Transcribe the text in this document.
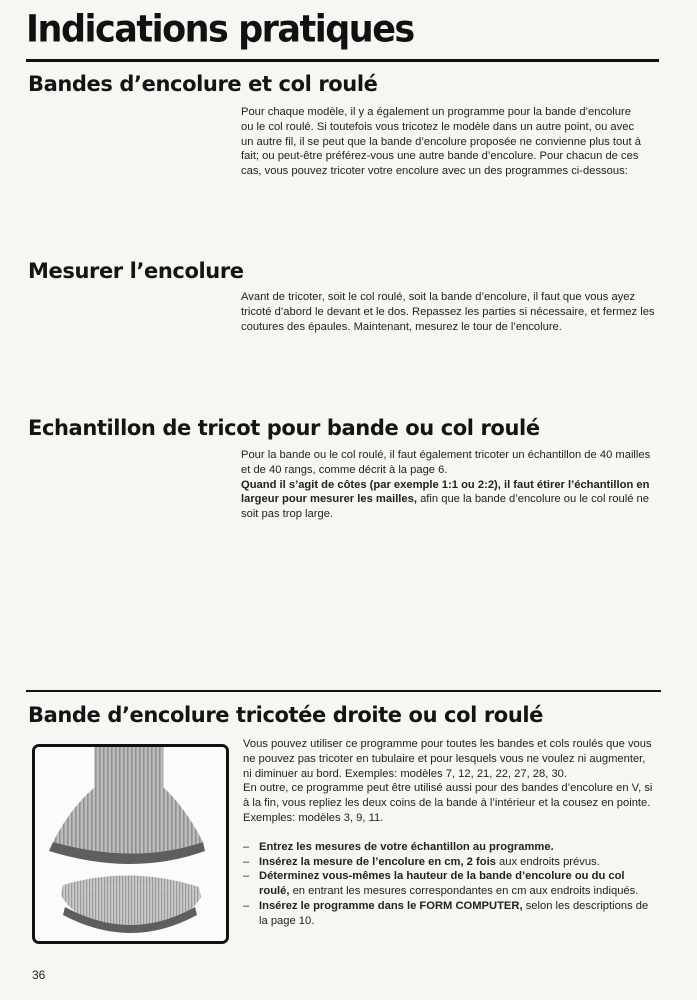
Indications pratiques
Bandes d’encolure et col roulé

Pour chaque modèle, il y a également un programme pour la bande d’encolure ou le col roulé. Si toutefois vous tricotez le modèle dans un autre point, ou avec un autre fil, il se peut que la bande d’encolure proposée ne convienne plus tout à fait; ou peut-être préférez-vous une autre bande d’encolure. Pour chacun de ces cas, vous pouvez tricoter votre encolure avec un des programmes ci-dessous:

Mesurer l’encolure

Avant de tricoter, soit le col roulé, soit la bande d’encolure, il faut que vous ayez tricoté d’abord le devant et le dos. Repassez les parties si nécessaire, et fermez les coutures des épaules. Maintenant, mesurez le tour de l’encolure.

Echantillon de tricot pour bande ou col roulé

Pour la bande ou le col roulé, il faut également tricoter un échantillon de 40 mailles et de 40 rangs, comme décrit à la page 6.
Quand il s’agit de côtes (par exemple 1:1 ou 2:2), il faut étirer l’échantillon en largeur pour mesurer les mailles, afin que la bande d’encolure ou le col roulé ne soit pas trop large.

Bande d’encolure tricotée droite ou col roulé

Vous pouvez utiliser ce programme pour toutes les bandes et cols roulés que vous ne pouvez pas tricoter en tubulaire et pour lesquels vous ne voulez ni augmenter, ni diminuer au bord. Exemples: modèles 7, 12, 21, 22, 27, 28, 30.

En outre, ce programme peut être utilisé aussi pour des bandes d’encolure en V, si à la fin, vous repliez les deux coins de la bande à l’intérieur et la cousez en pointe. Exemples: modèles 3, 9, 11.

– Entrez les mesures de votre échantillon au programme.
– Insérez la mesure de l’encolure en cm, 2 fois aux endroits prévus.
– Déterminez vous-mêmes la hauteur de la bande d’encolure ou du col roulé, en entrant les mesures correspondantes en cm aux endroits indiqués.
– Insérez le programme dans le FORM COMPUTER, selon les descriptions de la page 10.
36
